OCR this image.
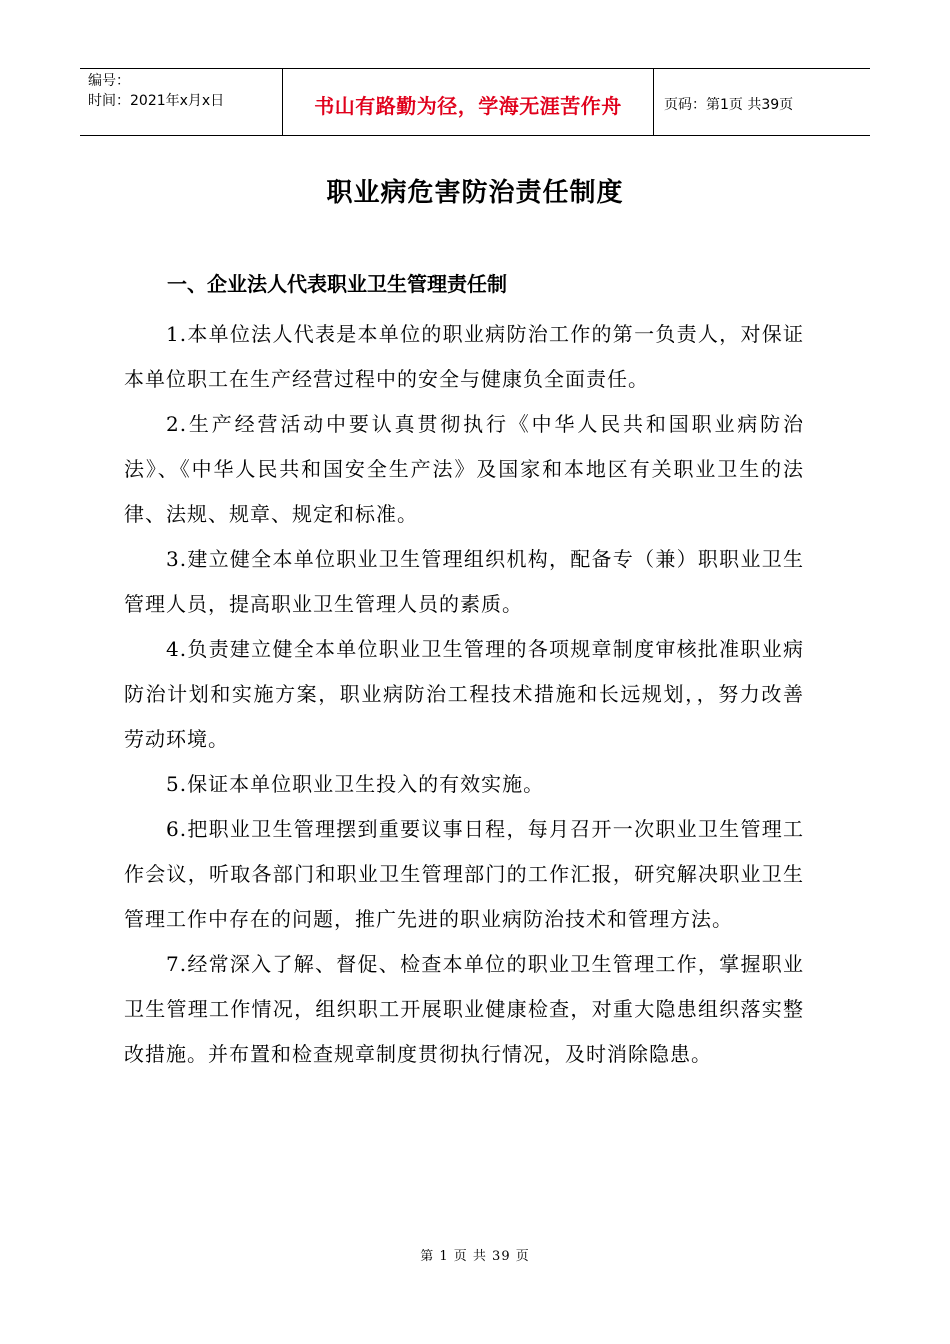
编号：
时间：2021年x月x日	书山有路勤为径，学海无涯苦作舟	页码：第1页 共39页
职业病危害防治责任制度
一、企业法人代表职业卫生管理责任制

1.本单位法人代表是本单位的职业病防治工作的第一负责人，对保证本单位职工在生产经营过程中的安全与健康负全面责任。

2.生产经营活动中要认真贯彻执行《中华人民共和国职业病防治法》、《中华人民共和国安全生产法》及国家和本地区有关职业卫生的法律、法规、规章、规定和标准。

3.建立健全本单位职业卫生管理组织机构，配备专（兼）职职业卫生管理人员，提高职业卫生管理人员的素质。

4.负责建立健全本单位职业卫生管理的各项规章制度审核批准职业病防治计划和实施方案，职业病防治工程技术措施和长远规划，，努力改善劳动环境。

5.保证本单位职业卫生投入的有效实施。

6.把职业卫生管理摆到重要议事日程，每月召开一次职业卫生管理工作会议，听取各部门和职业卫生管理部门的工作汇报，研究解决职业卫生管理工作中存在的问题，推广先进的职业病防治技术和管理方法。

7.经常深入了解、督促、检查本单位的职业卫生管理工作，掌握职业卫生管理工作情况，组织职工开展职业健康检查，对重大隐患组织落实整改措施。并布置和检查规章制度贯彻执行情况，及时消除隐患。

第 1 页 共 39 页
